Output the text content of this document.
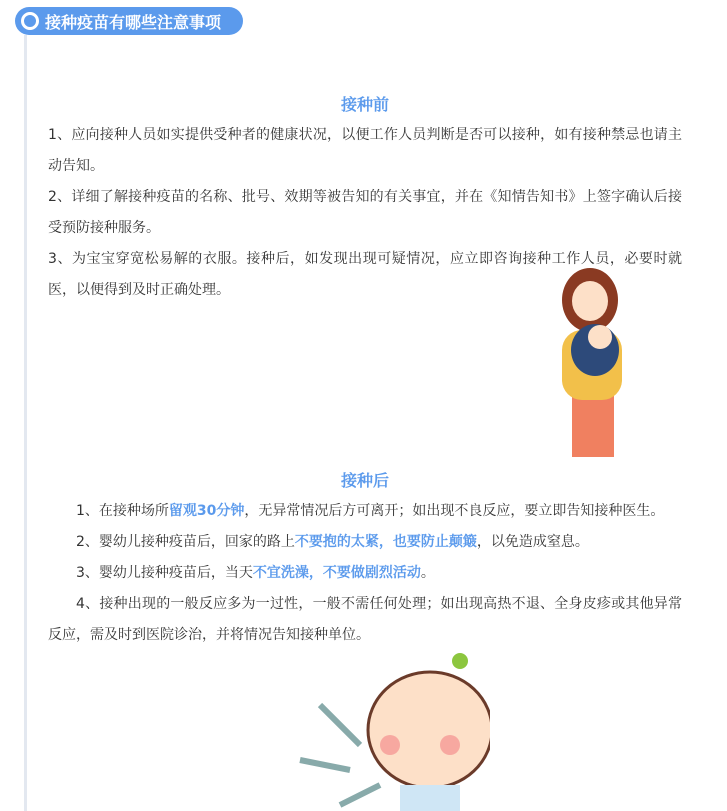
接种疫苗有哪些注意事项
接种前

1、应向接种人员如实提供受种者的健康状况，以便工作人员判断是否可以接种，如有接种禁忌也请主动告知。

2、详细了解接种疫苗的名称、批号、效期等被告知的有关事宜，并在《知情告知书》上签字确认后接受预防接种服务。

3、为宝宝穿宽松易解的衣服。接种后，如发现出现可疑情况，应立即咨询接种工作人员，必要时就医，以便得到及时正确处理。

接种后

1、在接种场所留观30分钟，无异常情况后方可离开；如出现不良反应，要立即告知接种医生。

2、婴幼儿接种疫苗后，回家的路上不要抱的太紧，也要防止颠簸，以免造成窒息。

3、婴幼儿接种疫苗后，当天不宜洗澡，不要做剧烈活动。

4、接种出现的一般反应多为一过性，一般不需任何处理；如出现高热不退、全身皮疹或其他异常反应，需及时到医院诊治，并将情况告知接种单位。
